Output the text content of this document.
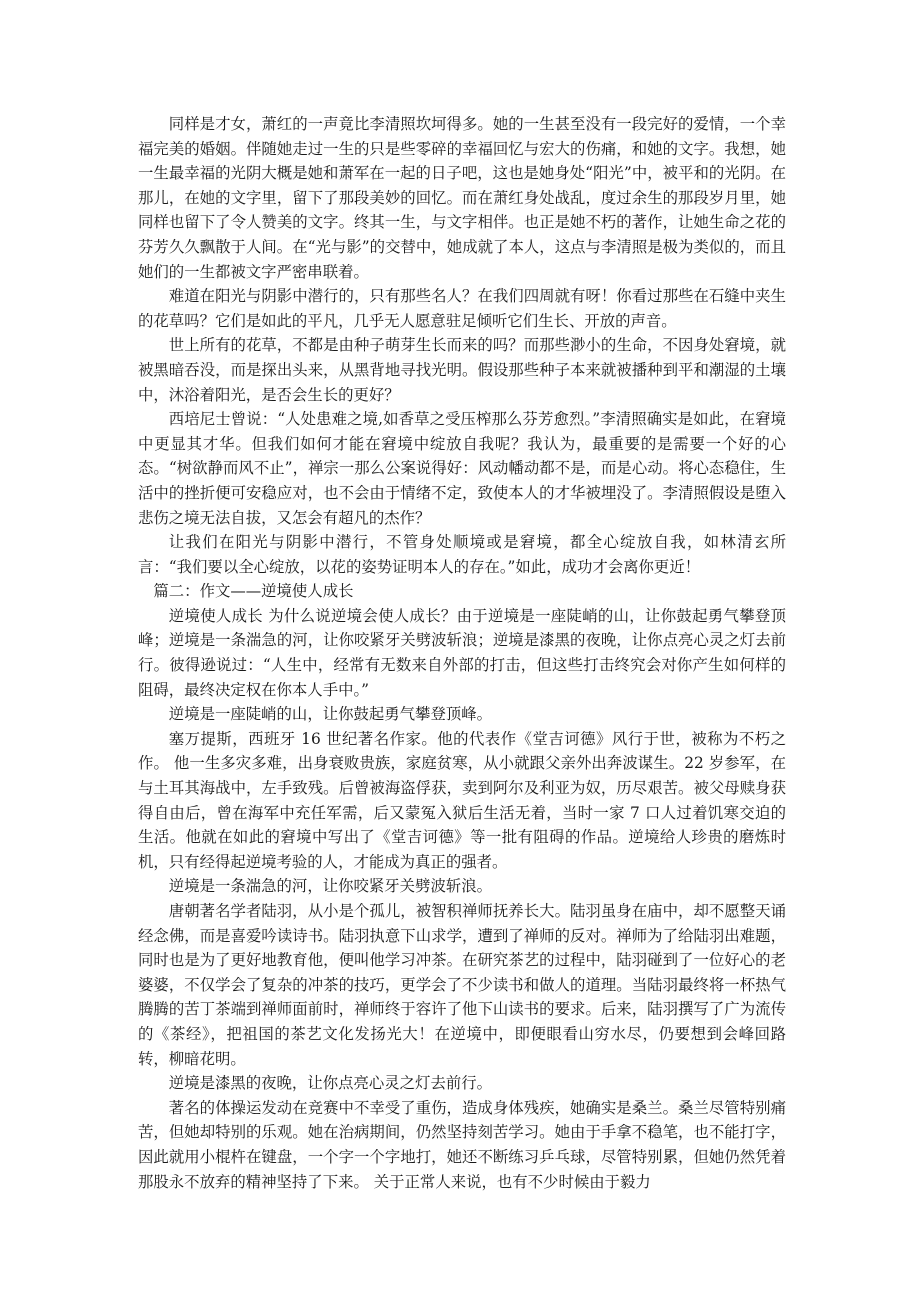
同样是才女，萧红的一声竟比李清照坎坷得多。她的一生甚至没有一段完好的爱情，一个幸福完美的婚姻。伴随她走过一生的只是些零碎的幸福回忆与宏大的伤痛，和她的文字。我想，她一生最幸福的光阴大概是她和萧军在一起的日子吧，这也是她身处“阳光”中，被平和的光阴。在那儿，在她的文字里，留下了那段美妙的回忆。而在萧红身处战乱，度过余生的那段岁月里，她同样也留下了令人赞美的文字。终其一生，与文字相伴。也正是她不朽的著作，让她生命之花的芬芳久久飘散于人间。在“光与影”的交替中，她成就了本人，这点与李清照是极为类似的，而且她们的一生都被文字严密串联着。

难道在阳光与阴影中潜行的，只有那些名人？在我们四周就有呀！你看过那些在石缝中夹生的花草吗？它们是如此的平凡，几乎无人愿意驻足倾听它们生长、开放的声音。

世上所有的花草，不都是由种子萌芽生长而来的吗？而那些渺小的生命，不因身处窘境，就被黑暗吞没，而是探出头来，从黑背地寻找光明。假设那些种子本来就被播种到平和潮湿的土壤中，沐浴着阳光，是否会生长的更好？

西培尼士曾说：“人处患难之境,如香草之受压榨那么芬芳愈烈。”李清照确实是如此，在窘境中更显其才华。但我们如何才能在窘境中绽放自我呢？我认为，最重要的是需要一个好的心态。“树欲静而风不止”，禅宗一那么公案说得好：风动幡动都不是，而是心动。将心态稳住，生活中的挫折便可安稳应对，也不会由于情绪不定，致使本人的才华被埋没了。李清照假设是堕入悲伤之境无法自拔，又怎会有超凡的杰作？

让我们在阳光与阴影中潜行，不管身处顺境或是窘境，都全心绽放自我，如林清玄所言：“我们要以全心绽放，以花的姿势证明本人的存在。”如此，成功才会离你更近！

篇二：作文——逆境使人成长

逆境使人成长 为什么说逆境会使人成长？由于逆境是一座陡峭的山，让你鼓起勇气攀登顶峰；逆境是一条湍急的河，让你咬紧牙关劈波斩浪；逆境是漆黑的夜晚，让你点亮心灵之灯去前行。彼得逊说过：“人生中，经常有无数来自外部的打击，但这些打击终究会对你产生如何样的阻碍，最终决定权在你本人手中。”

逆境是一座陡峭的山，让你鼓起勇气攀登顶峰。

塞万提斯，西班牙 16 世纪著名作家。他的代表作《堂吉诃德》风行于世，被称为不朽之作。 他一生多灾多难，出身衰败贵族，家庭贫寒，从小就跟父亲外出奔波谋生。22 岁参军，在与土耳其海战中，左手致残。后曾被海盗俘获，卖到阿尔及利亚为奴，历尽艰苦。被父母赎身获得自由后，曾在海军中充任军需，后又蒙冤入狱后生活无着，当时一家 7 口人过着饥寒交迫的生活。他就在如此的窘境中写出了《堂吉诃德》等一批有阻碍的作品。逆境给人珍贵的磨炼时机，只有经得起逆境考验的人，才能成为真正的强者。

逆境是一条湍急的河，让你咬紧牙关劈波斩浪。

唐朝著名学者陆羽，从小是个孤儿，被智积禅师抚养长大。陆羽虽身在庙中，却不愿整天诵经念佛，而是喜爱吟读诗书。陆羽执意下山求学，遭到了禅师的反对。禅师为了给陆羽出难题，同时也是为了更好地教育他，便叫他学习冲茶。在研究茶艺的过程中，陆羽碰到了一位好心的老婆婆，不仅学会了复杂的冲茶的技巧，更学会了不少读书和做人的道理。当陆羽最终将一杯热气腾腾的苦丁茶端到禅师面前时，禅师终于容许了他下山读书的要求。后来，陆羽撰写了广为流传的《茶经》，把祖国的茶艺文化发扬光大！在逆境中，即便眼看山穷水尽，仍要想到会峰回路转，柳暗花明。

逆境是漆黑的夜晚，让你点亮心灵之灯去前行。

著名的体操运发动在竞赛中不幸受了重伤，造成身体残疾，她确实是桑兰。桑兰尽管特别痛苦，但她却特别的乐观。她在治病期间，仍然坚持刻苦学习。她由于手拿不稳笔，也不能打字，因此就用小棍杵在键盘，一个字一个字地打，她还不断练习乒乓球，尽管特别累，但她仍然凭着那股永不放弃的精神坚持了下来。 关于正常人来说，也有不少时候由于毅力
